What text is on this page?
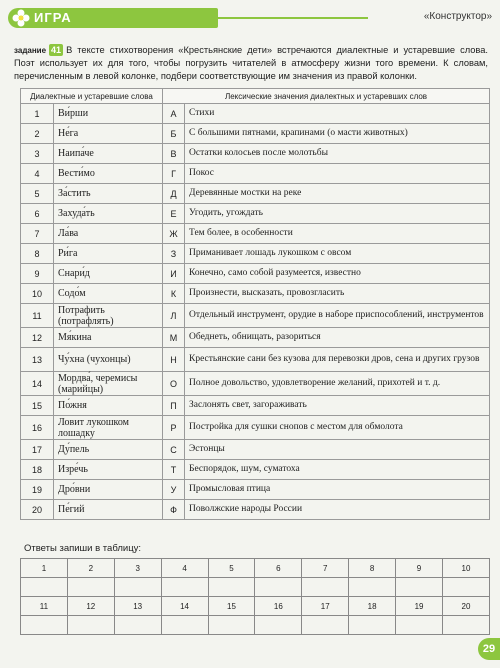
ИГРА	«Конструктор»
задание 41 В тексте стихотворения «Крестьянские дети» встречаются диалектные и устаревшие слова. Поэт использует их для того, чтобы погрузить читателей в атмосферу жизни того времени. К словам, перечисленным в левой колонке, подбери соответствующие им значения из правой колонки.
Диалектные и устаревшие слова		Лексические значения диалектных и устаревших слов	
1	Ви́рши	А	Стихи
2	Не́га	Б	С большими пятнами, крапинами (о масти животных)
3	Наипа́че	В	Остатки колосьев после молотьбы
4	Вести́мо	Г	Покос
5	За́стить	Д	Деревянные мостки на реке
6	Захуда́ть	Е	Угодить, угождать
7	Ла́ва	Ж	Тем более, в особенности
8	Ри́га	З	Приманивает лошадь лукошком с овсом
9	Снари́д	И	Конечно, само собой разумеется, известно
10	Содо́м	К	Произнести, высказать, провозгласить
11	Потрафить (потрафлять)	Л	Отдельный инструмент, орудие в наборе приспособлений, инструментов
12	Мя́кина	М	Обеднеть, обнищать, разориться
13	Чу́хна (чухонцы)	Н	Крестьянские сани без кузова для перевозки дров, сена и других грузов
14	Мордва́, черемисы (марийцы)	О	Полное довольство, удовлетворение желаний, прихотей и т. д.
15	По́жня	П	Заслонять свет, загораживать
16	Ловит лукошком лошадку	Р	Постройка для сушки снопов с местом для обмолота
17	Ду́пель	С	Эстонцы
18	Изре́чь	Т	Беспорядок, шум, суматоха
19	Дро́вни	У	Промысловая птица
20	Пе́гий	Ф	Поволжские народы России
Ответы запиши в таблицу:
1	2	3	4	5	6	7	8	9	10

11	12	13	14	15	16	17	18	19	20

29
